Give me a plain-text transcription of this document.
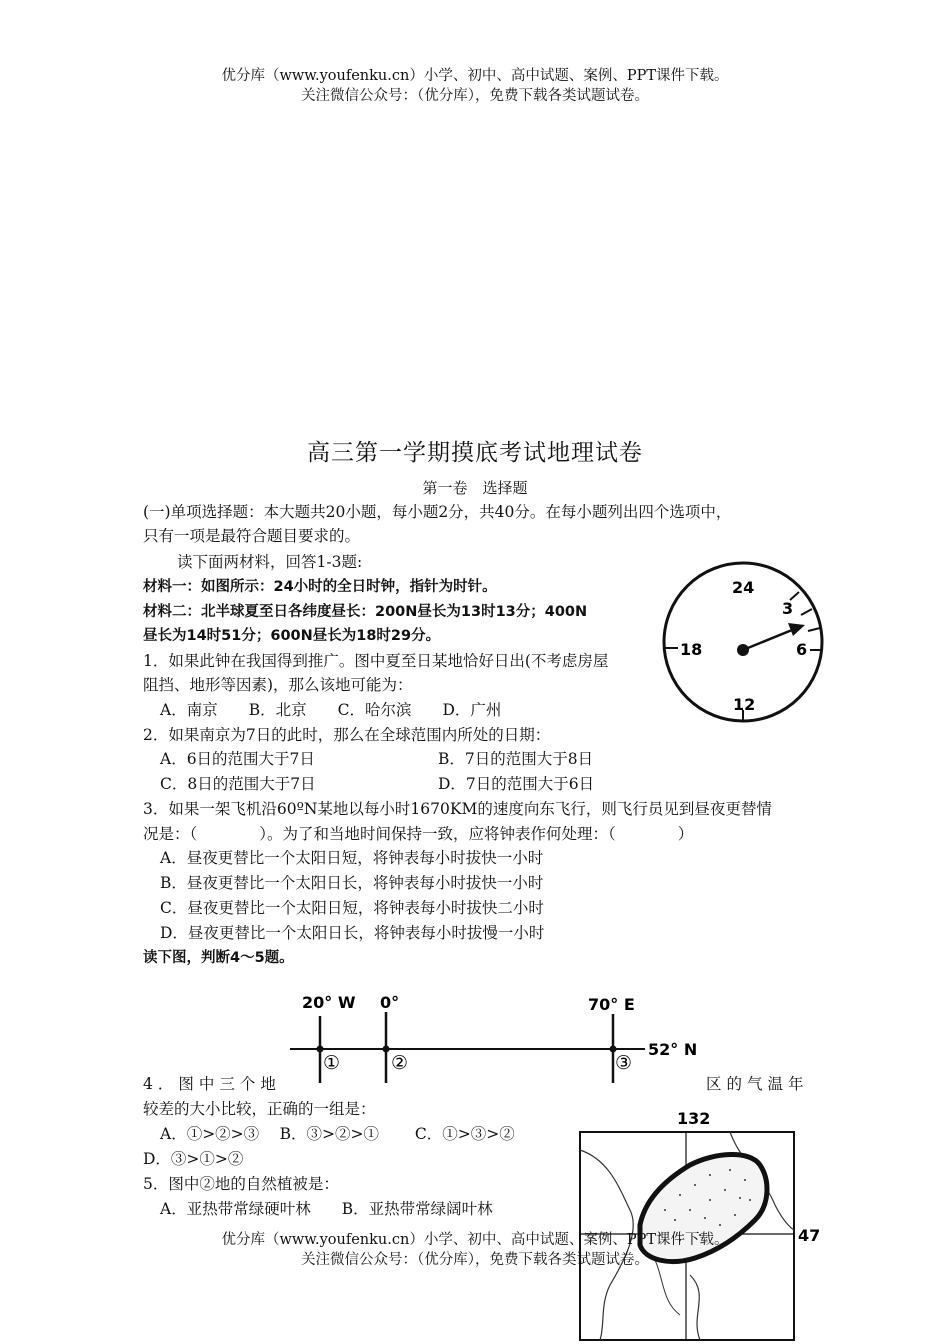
优分库（www.youfenku.cn）小学、初中、高中试题、案例、PPT课件下载。
关注微信公众号：（优分库），免费下载各类试题试卷。
高三第一学期摸底考试地理试卷
第一卷　选择题
(一)单项选择题：本大题共20小题，每小题2分，共40分。在每小题列出四个选项中，
只有一项是最符合题目要求的。
读下面两材料，回答1-3题:
材料一：如图所示：24小时的全日时钟，指针为时针。
材料二：北半球夏至日各纬度昼长：200N昼长为13时13分；400N
昼长为14时51分；600N昼长为18时29分。
1．如果此钟在我国得到推广。图中夏至日某地恰好日出(不考虑房屋
阻挡、地形等因素)，那么该地可能为：
A．南京　　B．北京　　C．哈尔滨　　D．广州
2．如果南京为7日的此时，那么在全球范围内所处的日期：
A．6日的范围大于7日	B．7日的范围大于8日
C．8日的范围大于7日	D．7日的范围大于6日
3．如果一架飞机沿60ºN某地以每小时1670KM的速度向东飞行，则飞行员见到昼夜更替情
况是：（　　　　）。为了和当地时间保持一致，应将钟表作何处理：（　　　　）
A．昼夜更替比一个太阳日短，将钟表每小时拔快一小时
B．昼夜更替比一个太阳日长，将钟表每小时拔快一小时
C．昼夜更替比一个太阳日短，将钟表每小时拔快二小时
D．昼夜更替比一个太阳日长，将钟表每小时拔慢一小时
读下图，判断4～5题。
24
3
6
18
12
20° W 0°	70° E
52° N
①	②	③
4．图中三个地	区的气温年
较差的大小比较，正确的一组是：
A．①>②>③　 B．③>②>①　　 C．①>③>②
D．③>①>②
5．图中②地的自然植被是：
A．亚热带常绿硬叶林　　B．亚热带常绿阔叶林
132
47
优分库（www.youfenku.cn）小学、初中、高中试题、案例、PPT课件下载。
关注微信公众号：（优分库），免费下载各类试题试卷。
